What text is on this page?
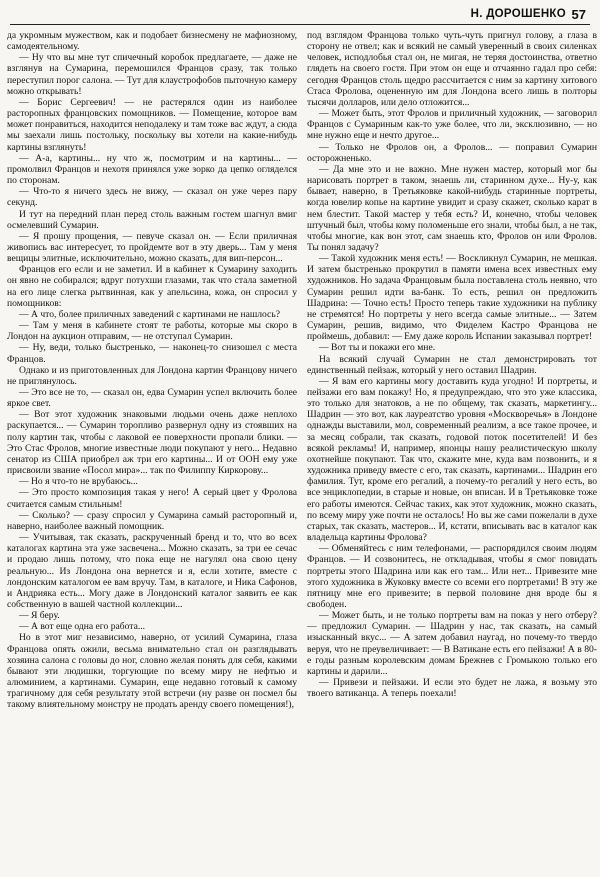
Н. ДОРОШЕНКО 57

да укромным мужеством, как и подобает бизнесмену не мафиозному, самодеятельному.

— Ну что вы мне тут спичечный коробок предлагаете, — даже не взглянув на Сумарина, перемошился Францов сразу, так только переступил порог салона. — Тут для клаустрофобов пыточную камеру можно открывать!

— Борис Сергеевич! — не растерялся один из наиболее расторопных францовских помощников. — Помещение, которое вам может понравиться, находится неподалеку и там тоже вас ждут, а сюда мы заехали лишь постольку, поскольку вы хотели на какие-нибудь картины взглянуть!

— А-а, картины... ну что ж, посмотрим и на картины... — промолвил Францов и нехотя принялся уже зорко да цепко огляделся по сторонам.

— Что-то я ничего здесь не вижу, — сказал он уже через пару секунд.

И тут на передний план перед столь важным гостем шагнул вмиг осмелевший Сумарин.

— Я прошу прощения, — певуче сказал он. — Если приличная живопись вас интересует, то пройдемте вот в эту дверь... Там у меня вещицы элитные, исключительно, можно сказать, для вип-персон...

Францов его если и не заметил. И в кабинет к Сумарину заходить он явно не собирался; вдруг потухши глазами, так что стала заметной на его лице слегка рытвинная, как у апельсина, кожа, он спросил у помощников:

— А что, более приличных заведений с картинами не нашлось?

— Там у меня в кабинете стоят те работы, которые мы скоро в Лондон на аукцион отправим, — не отступал Сумарин.

— Ну, веди, только быстренько, — наконец-то снизошел с места Францов.

Однако и из приготовленных для Лондона картин Францову ничего не приглянулось.

— Это все не то, — сказал он, едва Сумарин успел включить более яркое свет.

— Вот этот художник знаковыми людьми очень даже неплохо раскупается... — Сумарин торопливо развернул одну из стоявших на полу картин так, чтобы с лаковой ее поверхности пропали блики. — Это Стас Фролов, многие известные люди покупают у него... Недавно сенатор из США приобрел аж три его картины... И от ООН ему уже присвоили звание «Посол мира»... так по Филиппу Киркорову...

— Но я что-то не врубаюсь...

— Это просто композиция такая у него! А серый цвет у Фролова считается самым стильным!

— Сколько? — сразу спросил у Сумарина самый расторопный и, наверно, наиболее важный помощник.

— Учитывая, так сказать, раскрученный бренд и то, что во всех каталогах картина эта уже засвечена... Можно сказать, за три ее сечас и продаю лишь потому, что пока еще не нагулял она свою цену реальную... Из Лондона она вернется и я, если хотите, вместе с лондонским каталогом ее вам вручу. Там, в каталоге, и Ника Сафонов, и Андрияка есть... Могу даже в Лондонский каталог заявить ее как собственную в вашей частной коллекции...

— Я беру.

— А вот еще одна его работа...

Но в этот миг независимо, наверно, от усилий Сумарина, глаза Францова опять ожили, весьма внимательно стал он разглядывать хозяина салона с головы до ног, словно желая понять для себя, какими бывают эти людишки, торгующие по всему миру не нефтью и алюминием, а картинами. Сумарин, еще недавно готовый к самому трагичному для себя результату этой встречи (ну разве он посмел бы такому влиятельному монстру не продать аренду своего помещения!),

под взглядом Францова только чуть-чуть пригнул голову, а глаза в сторону не отвел; как и всякий не самый уверенный в своих силенках человек, исподлобья стал он, не мигая, не теряя достоинства, ответно глядеть на своего гостя. При этом он еще и отчаянно гадал про себя: сегодня Францов столь щедро рассчитается с ним за картину хитового Стаса Фролова, оцененную им для Лондона всего лишь в полторы тысячи долларов, или дело отложится...

— Может быть, этот Фролов и приличный художник, — заговорил Францов с Сумариным как-то уже более, что ли, эксклюзивно, — но мне нужно еще и нечто другое...

— Только не Фролов он, а Фролов... — поправил Сумарин осторожненько.

— Да мне это и не важно. Мне нужен мастер, который мог бы нарисовать портрет в таком, знаешь ли, старинном духе... Ну-у, как бывает, наверно, в Третьяковке какой-нибудь старинные портреты, когда ювелир копье на картине увидит и сразу скажет, сколько карат в нем блестит. Такой мастер у тебя есть? И, конечно, чтобы человек штучный был, чтобы кому поломеньше его знали, чтобы был, а не так, чтобы многие, как вон этот, сам знаешь кто, Фролов он или Фролов. Ты понял задачу?

— Такой художник меня есть! — Воскликнул Сумарин, не мешкая. И затем быстренько прокрутил в памяти имена всех известных ему художников. Но задача Францовым была поставлена столь неявно, что Сумарин решил идти ва-банк. То есть, решил он предложить Шадрина: — Точно есть! Просто теперь такие художники на публику не стремятся! Но портреты у него всегда самые элитные... — Затем Сумарин, решив, видимо, что Фиделем Кастро Францова не проймешь, добавил: — Ему даже король Испании заказывал портрет!

— Вот ты и покажи его мне.

На всякий случай Сумарин не стал демонстрировать тот единственный пейзаж, который у него оставил Шадрин.

— Я вам его картины могу доставить куда угодно! И портреты, и пейзажи его вам покажу! Но, я предупреждаю, что это уже классика, это только для знатоков, а не по общему, так сказать, маркетингу... Шадрин — это вот, как лауреатство уровня «Москворечья» в Лондоне однажды выставили, мол, современный реализм, а все такое прочее, и за месяц собрали, так сказать, годовой поток посетителей! И без всякой рекламы! И, например, японцы нашу реалистическую школу охотнейше покупают. Так что, скажите мне, куда вам позвонить, и я художника приведу вместе с его, так сказать, картинами... Шадрин его фамилия. Тут, кроме его регалий, а почему-то регалий у него есть, во все энциклопедии, в старые и новые, он вписан. И в Третьяковке тоже его работы имеются. Сейчас таких, как этот художник, можно сказать, по всему миру уже почти не осталось! Но вы же сами пожелали в духе старых, так сказать, мастеров... И, кстати, вписывать вас в каталог как владельца картины Фролова?

— Обменяйтесь с ним телефонами, — распорядился своим людям Францов. — И созвонитесь, не откладывая, чтобы я смог повидать портреты этого Шадрина или как его там... Или нет... Привезите мне этого художника в Жуковку вместе со всеми его портретами! В эту же пятницу мне его привезите; в первой половине дня вроде бы я свободен.

— Может быть, и не только портреты вам на показ у него отберу? — предложил Сумарин. — Шадрин у нас, так сказать, на самый изысканный вкус... — А затем добавил наугад, но почему-то твердо веруя, что не преувеличивает: — В Ватикане есть его пейзажи! А в 80-е годы разным королевским домам Брежнев с Громыкою только его картины и дарили...

— Привези и пейзажи. И если это будет не лажа, я возьму это твоего ватиканца. А теперь поехали!
